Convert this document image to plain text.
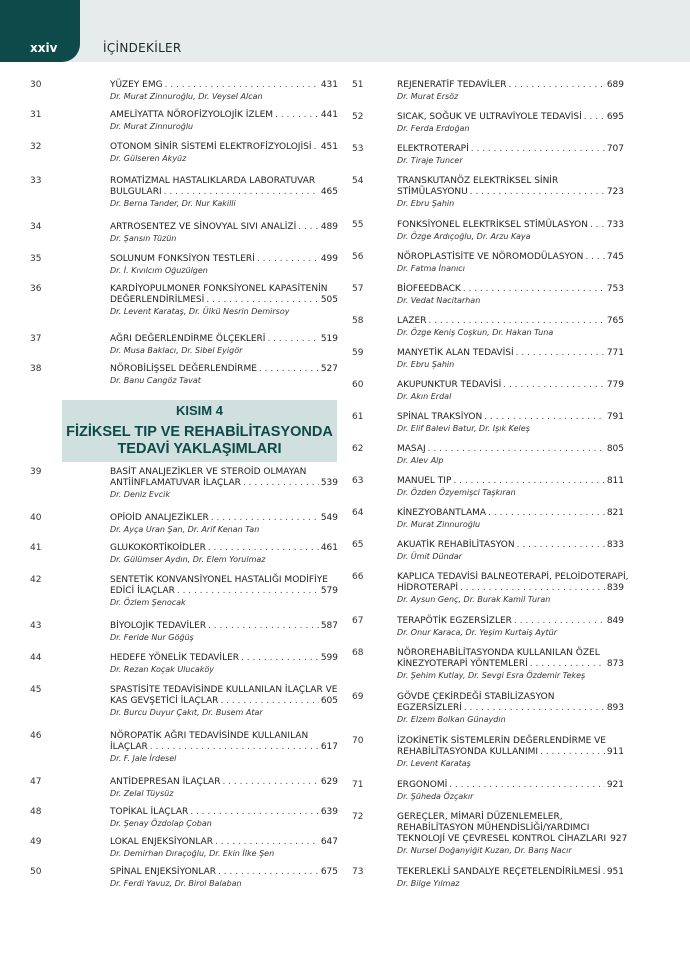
xxiv	İÇİNDEKİLER
30	YÜZEY EMG . . .	431
Dr. Murat Zinnuroğlu, Dr. Veysel Alcan
31	AMELİYATTA NÖROFİZYOLOJİK İZLEM . . .	441
Dr. Murat Zinnuroğlu
32	OTONOM SİNİR SİSTEMİ ELEKTROFİZYOLOJİSİ . . . 451
Dr. Gülseren Akyüz
33	ROMATİZMAL HASTALIKLARDA LABORATUVAR
BULGULARI . . .	465
Dr. Berna Tander, Dr. Nur Kakilli
34	ARTROSENTEZ VE SİNOVYAL SIVI ANALİZİ . . .	489
Dr. Şansın Tüzün
35	SOLUNUM FONKSİYON TESTLERİ . . .	499
Dr. İ. Kıvılcım Oğuzülgen
36	KARDİYOPULMONER FONKSİYONEL KAPASİTENİN
DEĞERLENDİRİLMESİ . . .	505
Dr. Levent Karataş, Dr. Ülkü Nesrin Demirsoy
37	AĞRI DEĞERLENDİRME ÖLÇEKLERİ . . .	519
Dr. Musa Baklacı, Dr. Sibel Eyigör
38	NÖROBİLİŞSEL DEĞERLENDİRME . . .	527
Dr. Banu Cangöz Tavat
39	BASİT ANALJEZİKLER VE STEROİD OLMAYAN
ANTİİNFLAMATUVAR İLAÇLAR . . .	539
Dr. Deniz Evcik
40	OPİOİD ANALJEZİKLER . . .	549
Dr. Ayça Uran Şan, Dr. Arif Kenan Tan
41	GLUKOKORTİKOİDLER . . .	461
Dr. Gülümser Aydın, Dr. Elem Yorulmaz
42	SENTETİK KONVANSİYONEL HASTALIĞI MODİFİYE
EDİCİ İLAÇLAR . . .	579
Dr. Özlem Şenocak
43	BİYOLOJİK TEDAVİLER . . .	587
Dr. Feride Nur Göğüş
44	HEDEFE YÖNELİK TEDAVİLER . . .	599
Dr. Rezan Koçak Ulucaköy
45	SPASTİSİTE TEDAVİSİNDE KULLANILAN İLAÇLAR VE
KAS GEVŞETİCİ İLAÇLAR . . .	605
Dr. Burcu Duyur Çakıt, Dr. Busem Atar
46	NÖROPATİK AĞRI TEDAVİSİNDE KULLANILAN
İLAÇLAR . . .	617
Dr. F. Jale İrdesel
47	ANTİDEPRESAN İLAÇLAR . . .	629
Dr. Zelal Tüysüz
48	TOPİKAL İLAÇLAR . . .	639
Dr. Şenay Özdolap Çoban
49	LOKAL ENJEKSİYONLAR . . .	647
Dr. Demirhan Dıraçoğlu, Dr. Ekin İlke Şen
50	SPİNAL ENJEKSİYONLAR . . .	675
Dr. Ferdi Yavuz, Dr. Birol Balaban
51	REJENERATİF TEDAVİLER . . .	689
Dr. Murat Ersöz
52	SICAK, SOĞUK VE ULTRAVİYOLE TEDAVİSİ . . .	695
Dr. Ferda Erdoğan
53	ELEKTROTERAPİ . . .	707
Dr. Tiraje Tuncer
54	TRANSKUTANÖZ ELEKTRİKSEL SİNİR
STİMÜLASYONU . . .	723
Dr. Ebru Şahin
55	FONKSİYONEL ELEKTRİKSEL STİMÜLASYON . . . 733
Dr. Özge Ardıçoğlu, Dr. Arzu Kaya
56	NÖROPLASTİSİTE VE NÖROMODÜLASYON . . .	745
Dr. Fatma İnanıcı
57	BİOFEEDBACK . . .	753
Dr. Vedat Nacitarhan
58	LAZER . . .	765
Dr. Özge Keniş Coşkun, Dr. Hakan Tuna
59	MANYETİK ALAN TEDAVİSİ . . .	771
Dr. Ebru Şahin
60	AKUPUNKTUR TEDAVİSİ . . .	779
Dr. Akın Erdal
61	SPİNAL TRAKSİYON . . .	791
Dr. Elif Balevi Batur, Dr. Işık Keleş
62	MASAJ . . .	805
Dr. Alev Alp
63	MANUEL TIP . . .	811
Dr. Özden Özyemişci Taşkıran
64	KİNEZYOBANTLAMA . . .	821
Dr. Murat Zinnuroğlu
65	AKUATİK REHABİLİTASYON . . .	833
Dr. Ümit Dündar
66	KAPLICA TEDAVİSİ BALNEOTERAPİ, PELOİDOTERAPİ,
HİDROTERAPİ . . .	839
Dr. Aysun Genç, Dr. Burak Kamil Turan
67	TERAPÖTİK EGZERSİZLER . . .	849
Dr. Onur Karaca, Dr. Yeşim Kurtaiş Aytür
68	NÖROREHABİLİTASYONDA KULLANILAN ÖZEL
KİNEZYOTERAPİ YÖNTEMLERİ . . .	873
Dr. Şehim Kutlay, Dr. Sevgi Esra Özdemir Tekeş
69	GÖVDE ÇEKİRDEĞİ STABİLİZASYON
EGZERSİZLERİ . . .	893
Dr. Elzem Bolkan Günaydın
70	İZOKİNETİK SİSTEMLERİN DEĞERLENDİRME VE
REHABİLİTASYONDA KULLANIMI . . .	911
Dr. Levent Karataş
71	ERGONOMİ . . .	921
Dr. Şüheda Özçakır
72	GEREÇLER, MİMARİ DÜZENLEMELER,
REHABİLİTASYON MÜHENDİSLİĞİ/YARDIMCI
TEKNOLOJİ VE ÇEVRESEL KONTROL CİHAZLARI 927
Dr. Nursel Doğanyiğit Kuzan, Dr. Barış Nacır
73	TEKERLEKLİ SANDALYE REÇETELENDİRİLMESİ . . . 951
Dr. Bilge Yılmaz
KISIM 4
FİZİKSEL TIP VE REHABİLİTASYONDA TEDAVİ YAKLAŞIMLARI
